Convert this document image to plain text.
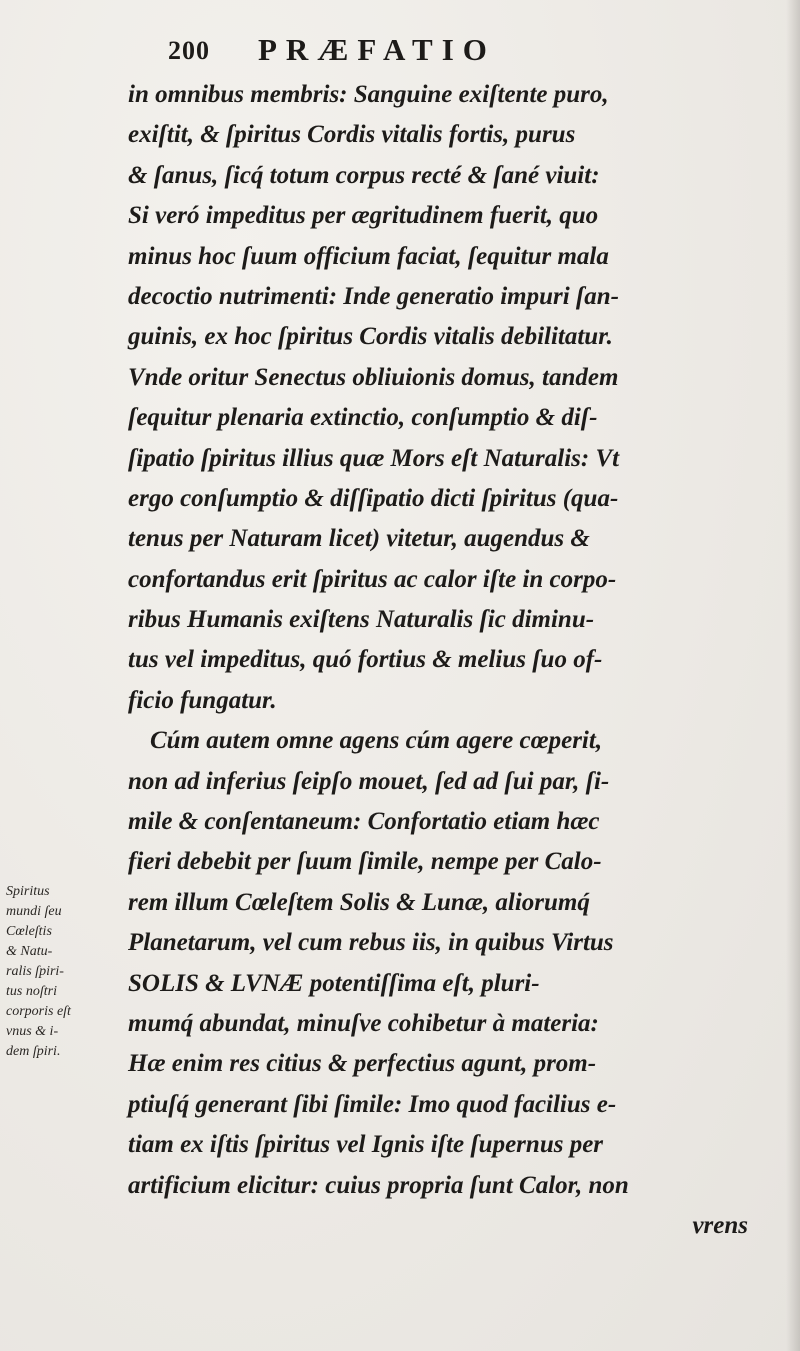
200 PRÆFATIO
in omnibus membris: Sanguine exiſtente puro,
exiſtit, & ſpiritus Cordis vitalis fortis, purus
& ſanus, ſicq́ totum corpus recté & ſané viuit:
Si veró impeditus per ægritudinem fuerit, quo
minus hoc ſuum officium faciat, ſequitur mala
decoctio nutrimenti: Inde generatio impuri ſan-
guinis, ex hoc ſpiritus Cordis vitalis debilitatur.
Vnde oritur Senectus obliuionis domus, tandem
ſequitur plenaria extinctio, conſumptio & diſ-
ſipatio ſpiritus illius quæ Mors eſt Naturalis: Vt
ergo conſumptio & diſſipatio dicti ſpiritus (qua-
tenus per Naturam licet) vitetur, augendus &
confortandus erit ſpiritus ac calor iſte in corpo-
ribus Humanis exiſtens Naturalis ſic diminu-
tus vel impeditus, quó fortius & melius ſuo of-
ficio fungatur.
Cúm autem omne agens cúm agere cœperit,
non ad inferius ſeipſo mouet, ſed ad ſui par, ſi-
mile & conſentaneum: Confortatio etiam hæc
fieri debebit per ſuum ſimile, nempe per Calo-
rem illum Cœleſtem Solis & Lunæ, aliorumq́
Planetarum, vel cum rebus iis, in quibus Virtus
SOLIS & LVNÆ potentiſſima eſt, pluri-
mumq́ abundat, minuſve cohibetur à materia:
Hæ enim res citius & perfectius agunt, prom-
ptiuſq́ generant ſibi ſimile: Imo quod facilius e-
tiam ex iſtis ſpiritus vel Ignis iſte ſupernus per
artificium elicitur: cuius propria ſunt Calor, non
vrens
Spiritus
mundi ſeu
Cœleſtis
& Natu-
ralis ſpiri-
tus noſtri
corporis eſt
vnus & i-
dem ſpiri.
